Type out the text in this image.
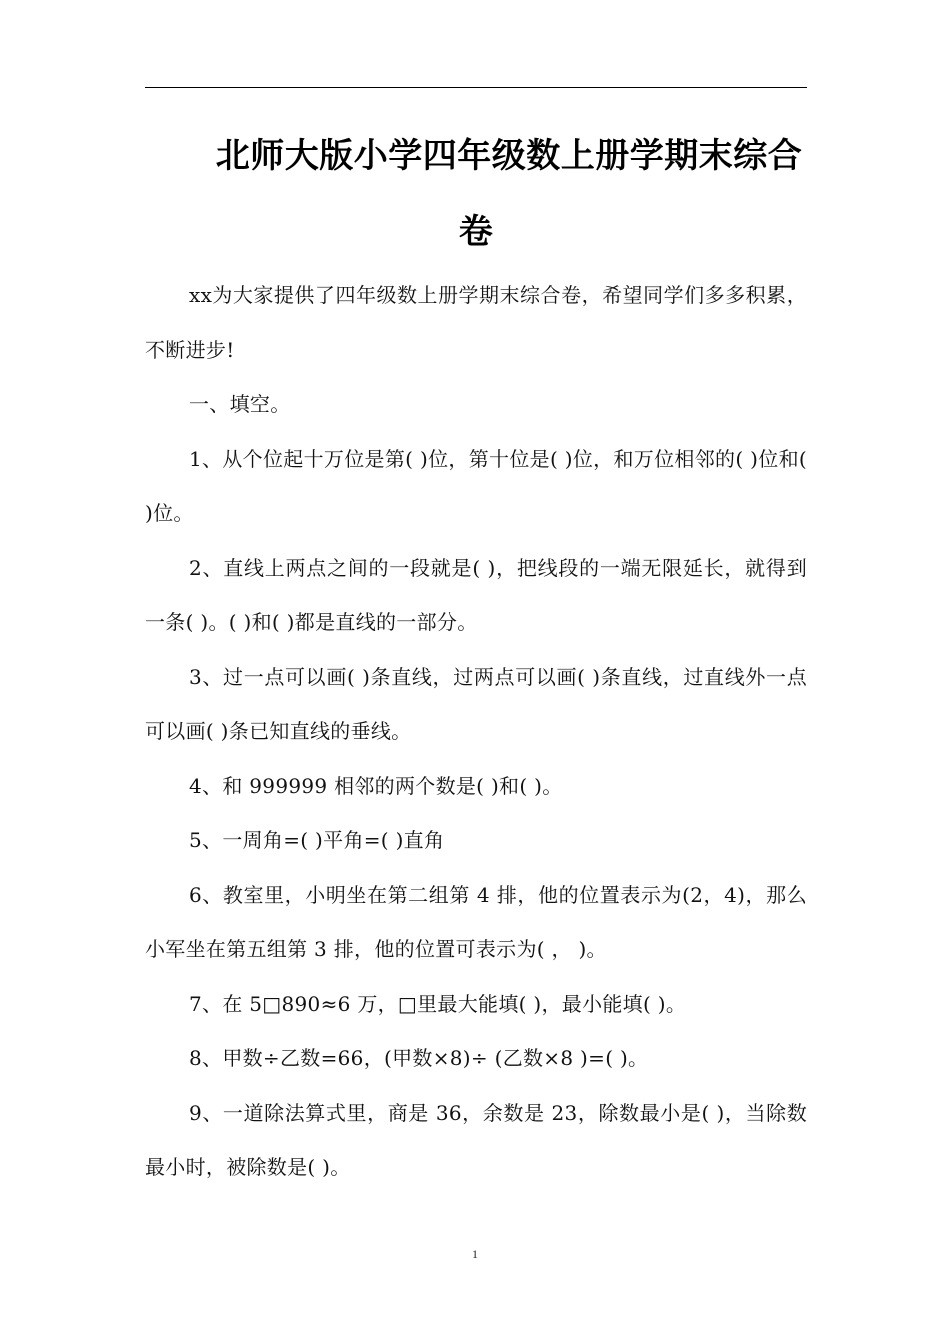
北师大版小学四年级数上册学期末综合卷

xx为大家提供了四年级数上册学期末综合卷，希望同学们多多积累，不断进步!

一、填空。

1、从个位起十万位是第( )位，第十位是( )位，和万位相邻的( )位和( )位。

2、直线上两点之间的一段就是( )，把线段的一端无限延长，就得到一条( )。( )和( )都是直线的一部分。

3、过一点可以画( )条直线，过两点可以画( )条直线，过直线外一点可以画( )条已知直线的垂线。

4、和 999999 相邻的两个数是( )和( )。

5、一周角=( )平角=( )直角

6、教室里，小明坐在第二组第 4 排，他的位置表示为(2，4)，那么小军坐在第五组第 3 排，他的位置可表示为( ， )。

7、在 5□890≈6 万，□里最大能填( )，最小能填( )。

8、甲数÷乙数=66，(甲数×8)÷ (乙数×8 )=( )。

9、一道除法算式里，商是 36，余数是 23，除数最小是( )，当除数最小时，被除数是( )。

1
